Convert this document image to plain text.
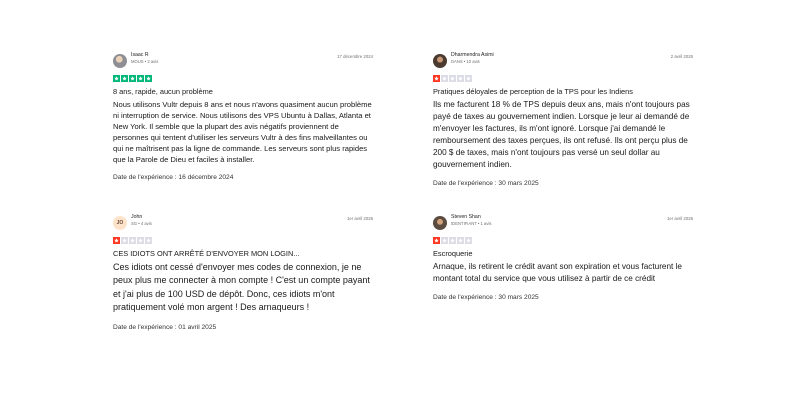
Isaac R
MOUS • 2 avis
17 décembre 2024
8 ans, rapide, aucun problème
Nous utilisons Vultr depuis 8 ans et nous n'avons quasiment aucun problème ni interruption de service. Nous utilisons des VPS Ubuntu à Dallas, Atlanta et New York. Il semble que la plupart des avis négatifs proviennent de personnes qui tentent d'utiliser les serveurs Vultr à des fins malveillantes ou qui ne maîtrisent pas la ligne de commande. Les serveurs sont plus rapides que la Parole de Dieu et faciles à installer.
Date de l'expérience : 16 décembre 2024
Dharmendra Asimi
DANS • 10 avis
2 avril 2025
Pratiques déloyales de perception de la TPS pour les Indiens
Ils me facturent 18 % de TPS depuis deux ans, mais n'ont toujours pas payé de taxes au gouvernement indien. Lorsque je leur ai demandé de m'envoyer les factures, ils m'ont ignoré. Lorsque j'ai demandé le remboursement des taxes perçues, ils ont refusé. Ils ont perçu plus de 200 $ de taxes, mais n'ont toujours pas versé un seul dollar au gouvernement indien.
Date de l'expérience : 30 mars 2025
JO
John
SG • 4 avis
1er avril 2025
CES IDIOTS ONT ARRÊTÉ D'ENVOYER MON LOGIN...
Ces idiots ont cessé d'envoyer mes codes de connexion, je ne peux plus me connecter à mon compte ! C'est un compte payant et j'ai plus de 100 USD de dépôt. Donc, ces idiots m'ont pratiquement volé mon argent ! Des arnaqueurs !
Date de l'expérience : 01 avril 2025
Steven Shan
IDENTIFIANT • 1 avis
1er avril 2025
Escroquerie
Arnaque, ils retirent le crédit avant son expiration et vous facturent le montant total du service que vous utilisez à partir de ce crédit
Date de l'expérience : 30 mars 2025
